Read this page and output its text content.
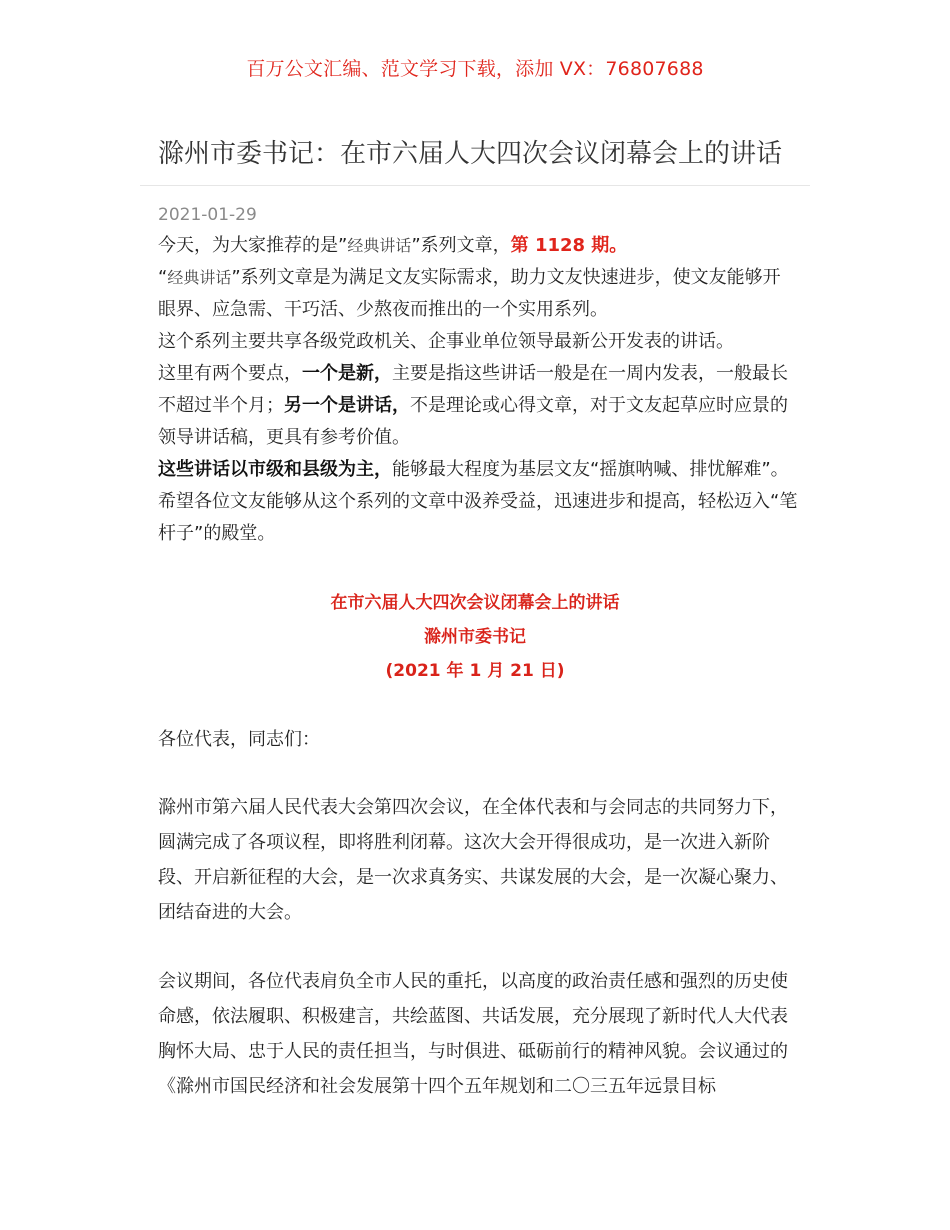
百万公文汇编、范文学习下载，添加 VX：76807688
滁州市委书记：在市六届人大四次会议闭幕会上的讲话
2021-01-29

今天，为大家推荐的是”经典讲话”系列文章，第 1128 期。

“经典讲话”系列文章是为满足文友实际需求，助力文友快速进步，使文友能够开眼界、应急需、干巧活、少熬夜而推出的一个实用系列。

这个系列主要共享各级党政机关、企事业单位领导最新公开发表的讲话。

这里有两个要点，一个是新，主要是指这些讲话一般是在一周内发表，一般最长不超过半个月；另一个是讲话，不是理论或心得文章，对于文友起草应时应景的领导讲话稿，更具有参考价值。

这些讲话以市级和县级为主，能够最大程度为基层文友“摇旗呐喊、排忧解难”。希望各位文友能够从这个系列的文章中汲养受益，迅速进步和提高，轻松迈入“笔杆子”的殿堂。

在市六届人大四次会议闭幕会上的讲话
滁州市委书记
(2021 年 1 月 21 日)

各位代表，同志们：

滁州市第六届人民代表大会第四次会议，在全体代表和与会同志的共同努力下，圆满完成了各项议程，即将胜利闭幕。这次大会开得很成功，是一次进入新阶段、开启新征程的大会，是一次求真务实、共谋发展的大会，是一次凝心聚力、团结奋进的大会。

会议期间，各位代表肩负全市人民的重托，以高度的政治责任感和强烈的历史使命感，依法履职、积极建言，共绘蓝图、共话发展，充分展现了新时代人大代表胸怀大局、忠于人民的责任担当，与时俱进、砥砺前行的精神风貌。会议通过的《滁州市国民经济和社会发展第十四个五年规划和二〇三五年远景目标
